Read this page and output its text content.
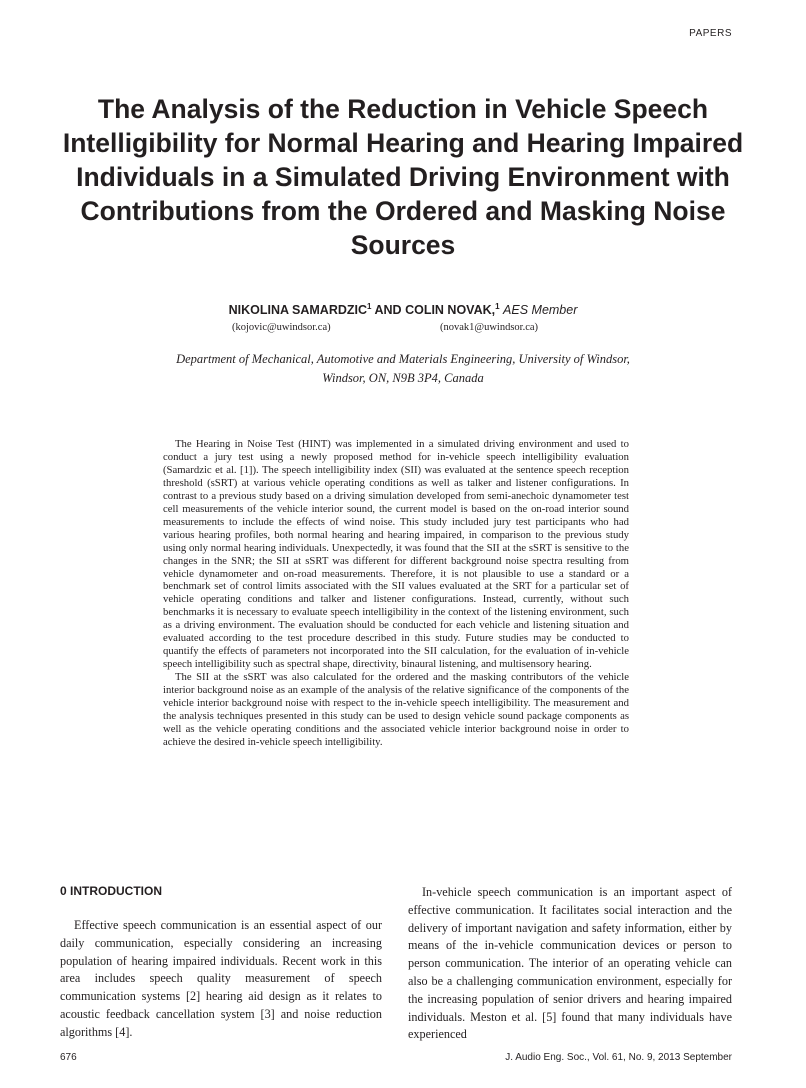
PAPERS
The Analysis of the Reduction in Vehicle Speech Intelligibility for Normal Hearing and Hearing Impaired Individuals in a Simulated Driving Environment with Contributions from the Ordered and Masking Noise Sources
NIKOLINA SAMARDZIC$^1$ AND COLIN NOVAK,$^1$ AES Member
(kojovic@uwindsor.ca)	(novak1@uwindsor.ca)
Department of Mechanical, Automotive and Materials Engineering, University of Windsor,
Windsor, ON, N9B 3P4, Canada

The Hearing in Noise Test (HINT) was implemented in a simulated driving environment and used to conduct a jury test using a newly proposed method for in-vehicle speech intelligibility evaluation (Samardzic et al. [1]). The speech intelligibility index (SII) was evaluated at the sentence speech reception threshold (sSRT) at various vehicle operating conditions as well as talker and listener configurations. In contrast to a previous study based on a driving simulation developed from semi-anechoic dynamometer test cell measurements of the vehicle interior sound, the current model is based on the on-road interior sound measurements to include the effects of wind noise. This study included jury test participants who had various hearing profiles, both normal hearing and hearing impaired, in comparison to the previous study using only normal hearing individuals. Unexpectedly, it was found that the SII at the sSRT is sensitive to the changes in the SNR; the SII at sSRT was different for different background noise spectra resulting from vehicle dynamometer and on-road measurements. Therefore, it is not plausible to use a standard or a benchmark set of control limits associated with the SII values evaluated at the SRT for a particular set of vehicle operating conditions and talker and listener configurations. Instead, currently, without such benchmarks it is necessary to evaluate speech intelligibility in the context of the listening environment, such as a driving environment. The evaluation should be conducted for each vehicle and listening situation and evaluated according to the test procedure described in this study. Future studies may be conducted to quantify the effects of parameters not incorporated into the SII calculation, for the evaluation of in-vehicle speech intelligibility such as spectral shape, directivity, binaural listening, and multisensory hearing.

The SII at the sSRT was also calculated for the ordered and the masking contributors of the vehicle interior background noise as an example of the analysis of the relative significance of the components of the vehicle interior background noise with respect to the in-vehicle speech intelligibility. The measurement and the analysis techniques presented in this study can be used to design vehicle sound package components as well as the vehicle operating conditions and the associated vehicle interior background noise in order to achieve the desired in-vehicle speech intelligibility.

0 INTRODUCTION

Effective speech communication is an essential aspect of our daily communication, especially considering an increasing population of hearing impaired individuals. Recent work in this area includes speech quality measurement of speech communication systems [2] hearing aid design as it relates to acoustic feedback cancellation system [3] and noise reduction algorithms [4].

In-vehicle speech communication is an important aspect of effective communication. It facilitates social interaction and the delivery of important navigation and safety information, either by means of the in-vehicle communication devices or person to person communication. The interior of an operating vehicle can also be a challenging communication environment, especially for the increasing population of senior drivers and hearing impaired individuals. Meston et al. [5] found that many individuals have experienced

676	J. Audio Eng. Soc., Vol. 61, No. 9, 2013 September
